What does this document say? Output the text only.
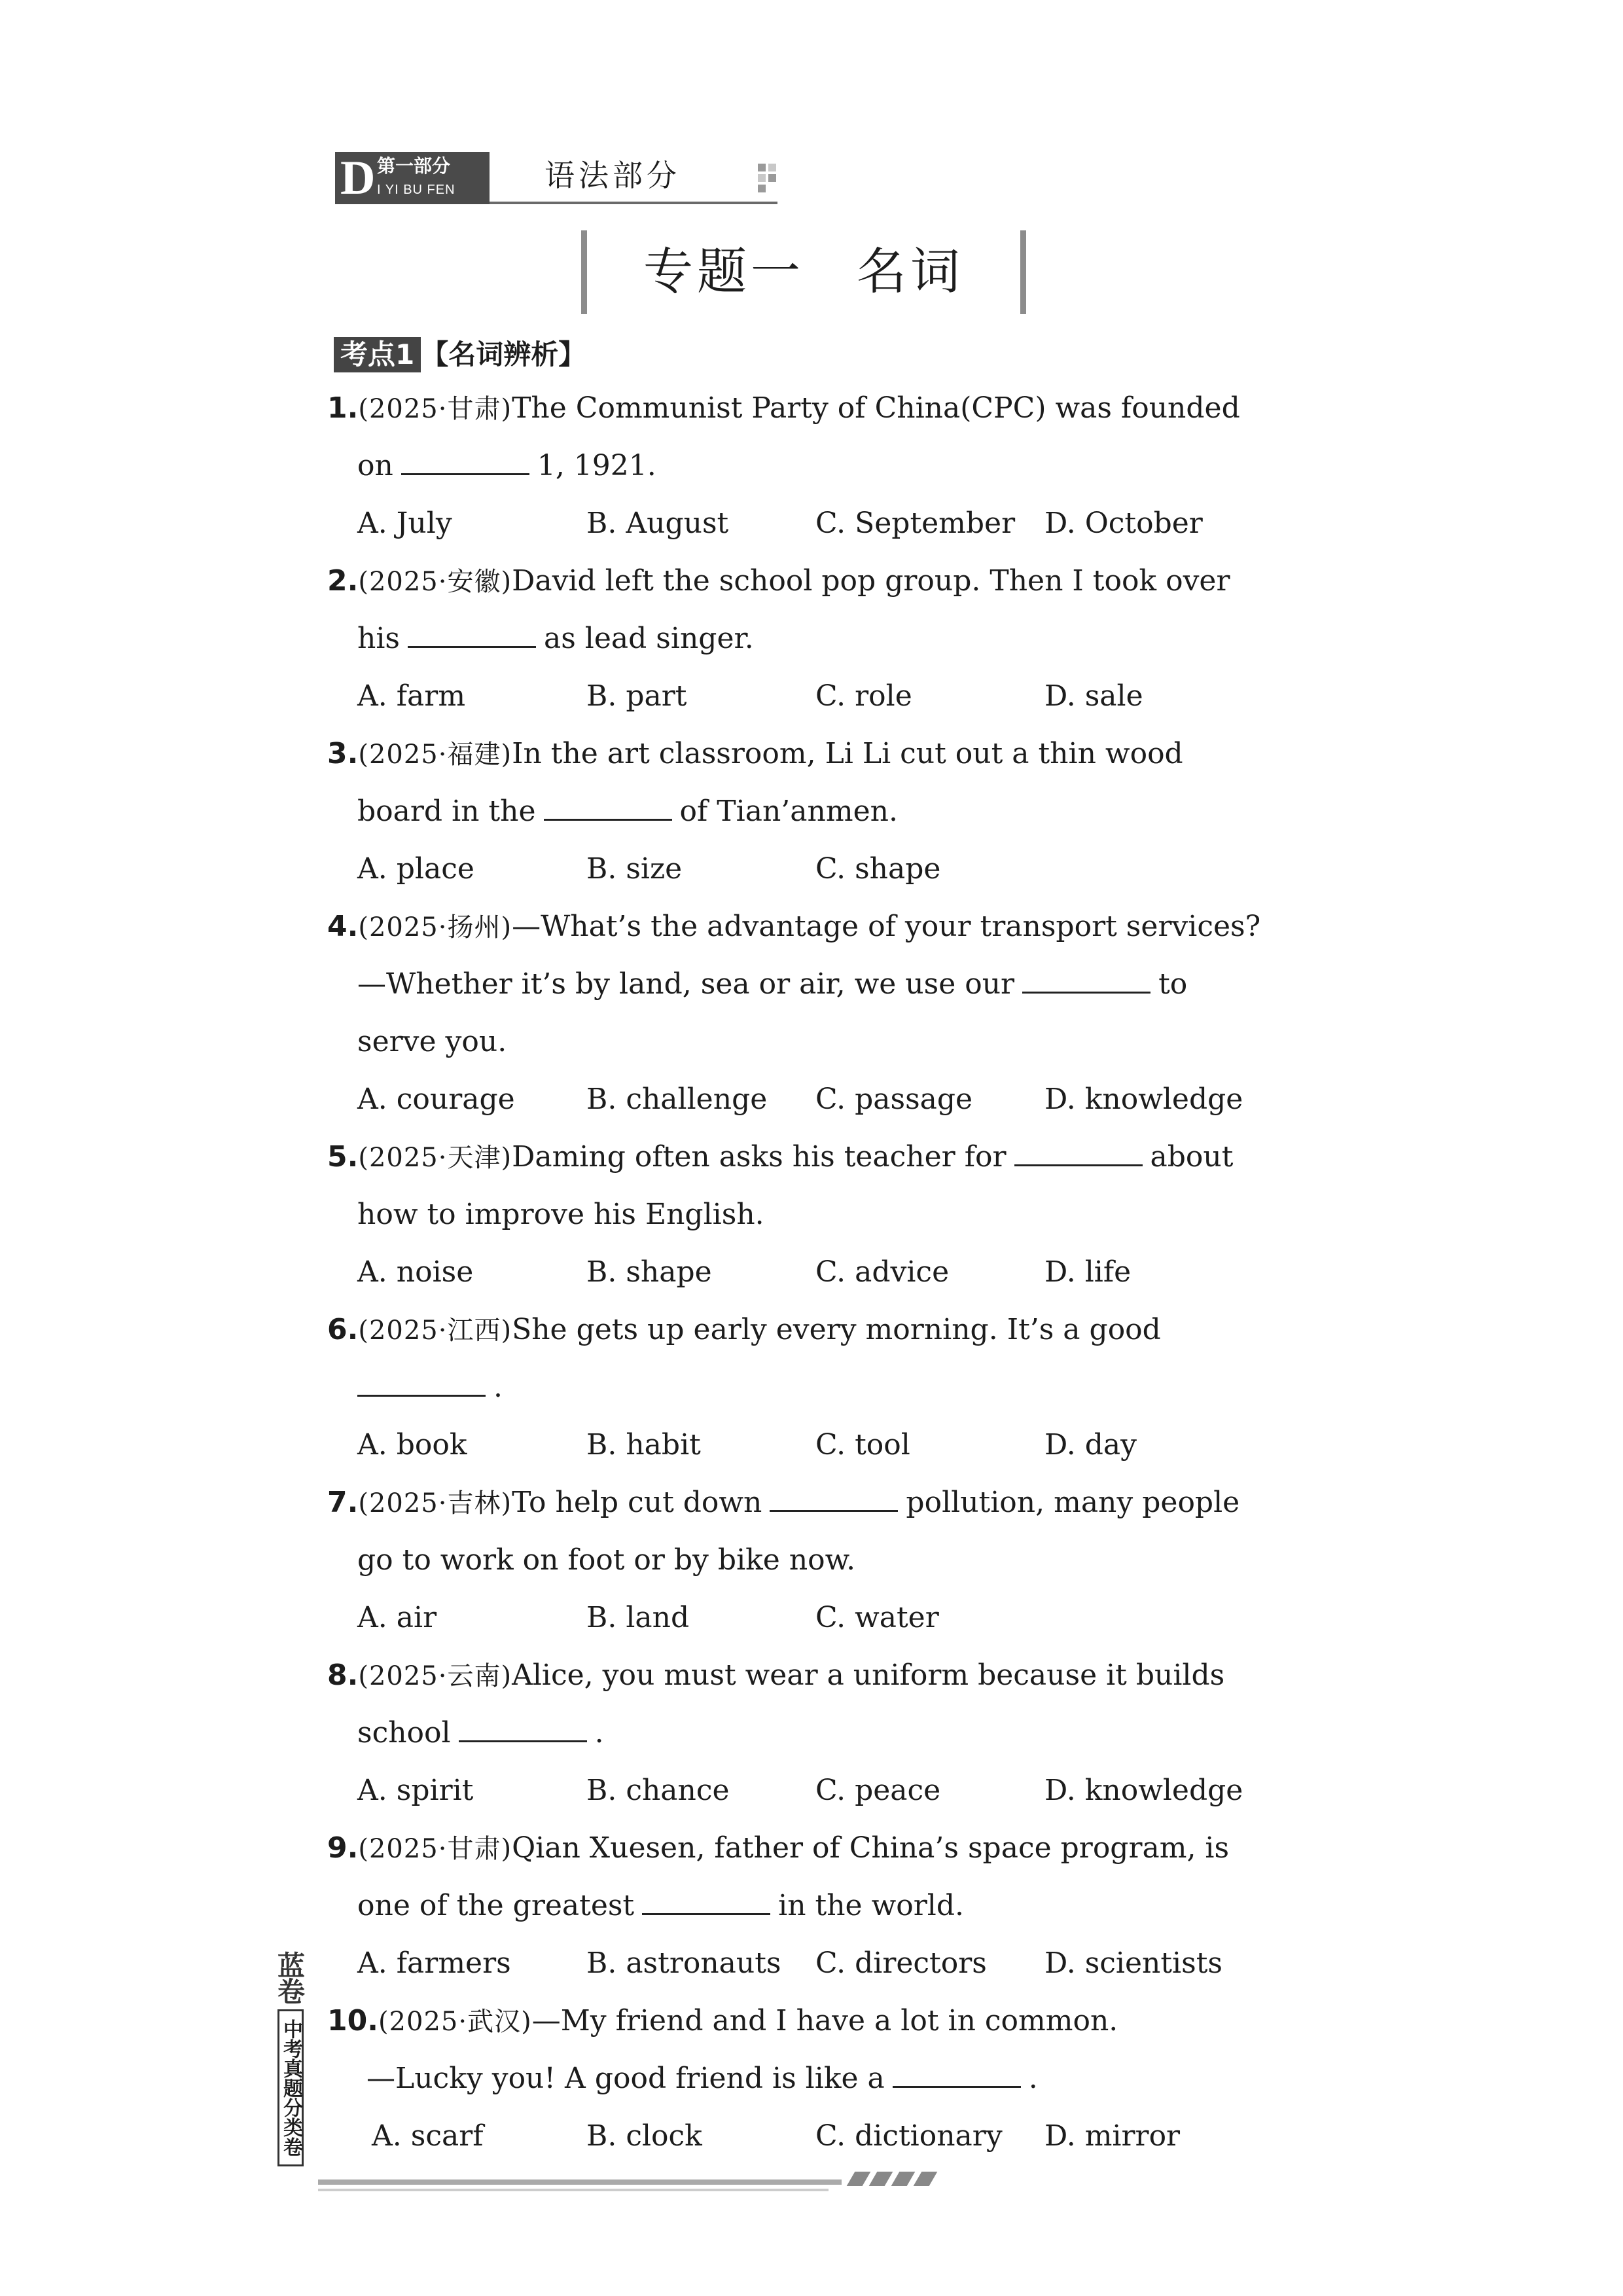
D 第一部分
I YI BU FEN	语法部分
专题一 名词
考点1	【 名词辨析 】
1. (2025·甘肃) The Communist Party of China(CPC) was founded
on	1, 1921.
A . July	B . August	C . September	D . October
2. (2025·安徽) David left the school pop group. Then I took over
his	as lead singer.
A . farm	B . part	C . role	D . sale
3. (2025·福建) In the art classroom, Li Li cut out a thin wood
board in the	of Tian’anmen.
A . place	B . size	C . shape
4. (2025·扬州) —What’s the advantage of your transport services?
—Whether it’s by land, sea or air, we use our	to
serve you.
A . courage	B . challenge	C . passage	D . knowledge
5. (2025·天津) Daming often asks his teacher for	about
how to improve his English.
A . noise	B . shape	C . advice	D . life
6. (2025·江西) She gets up early every morning. It’s a good
.
A . book	B . habit	C . tool	D . day
7. (2025·吉林) To help cut down	pollution, many people
go to work on foot or by bike now.
A . air	B . land	C . water
8. (2025·云南) Alice, you must wear a uniform because it builds
school	.
A . spirit	B . chance	C . peace	D . knowledge
9. (2025·甘肃) Qian Xuesen, father of China’s space program, is
one of the greatest	in the world.
A . farmers	B . astronauts	C . directors	D . scientists
10. (2025·武汉) —My friend and I have a lot in common.
—Lucky you! A good friend is like a	.
A . scarf	B . clock	C . dictionary	D . mirror
蓝卷
中考真题分类卷
